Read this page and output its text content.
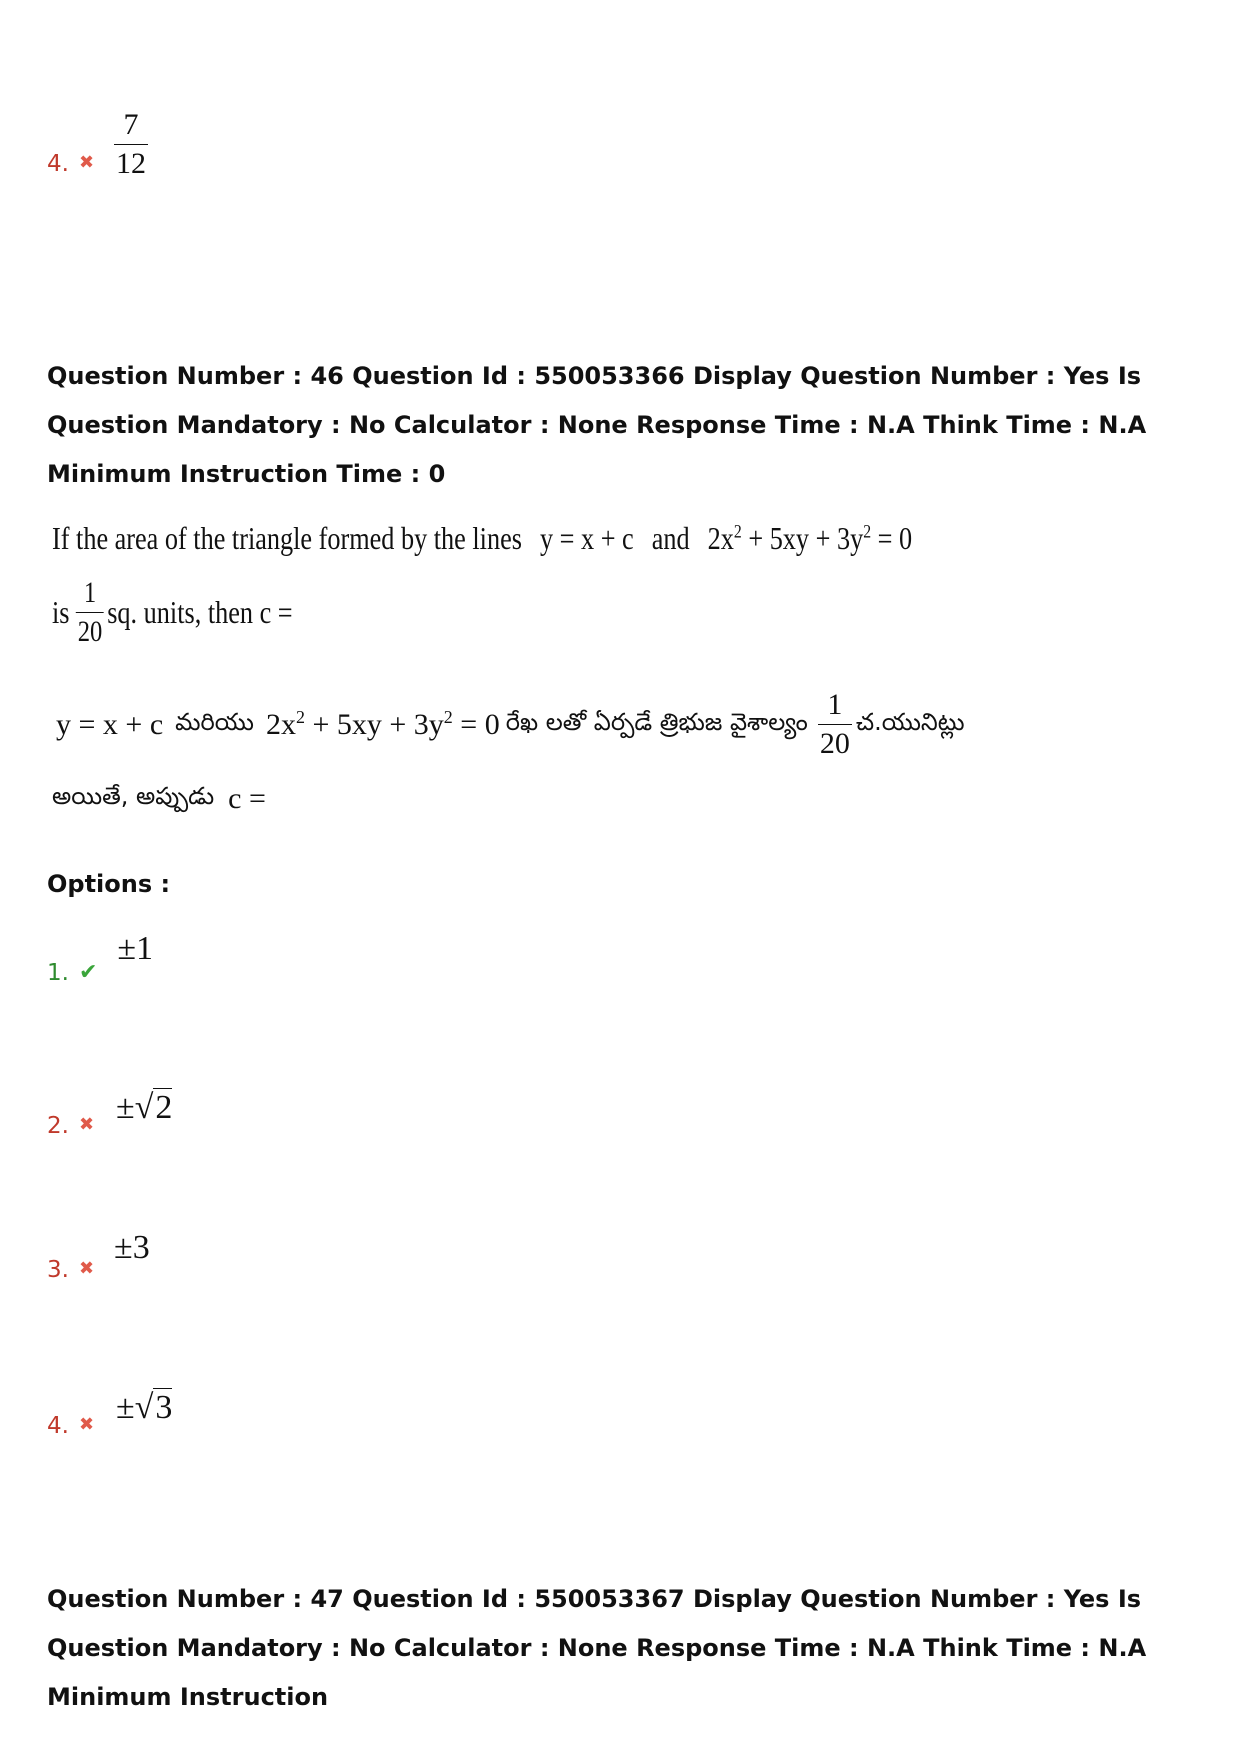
4. ✖ $\frac{7}{12}$
Question Number : 46 Question Id : 550053366 Display Question Number : Yes Is Question Mandatory : No Calculator : None Response Time : N.A Think Time : N.A Minimum Instruction Time : 0
If the area of the triangle formed by the lines y = x + c and $2x^2 + 5xy + 3y^2 = 0$
is $\frac{1}{20}$ sq. units, then c =
y = x + c మరియు $2x^2 + 5xy + 3y^2 = 0$ రేఖ లతో ఏర్పడే త్రిభుజ వైశాల్యం $\frac{1}{20}$ చ.యునిట్లు
అయితే, అప్పుడు c =
Options :
1. ✔
±1
2. ✖ ±√2
3. ✖
±3
4. ✖ ±√3
Question Number : 47 Question Id : 550053367 Display Question Number : Yes Is Question Mandatory : No Calculator : None Response Time : N.A Think Time : N.A Minimum Instruction
